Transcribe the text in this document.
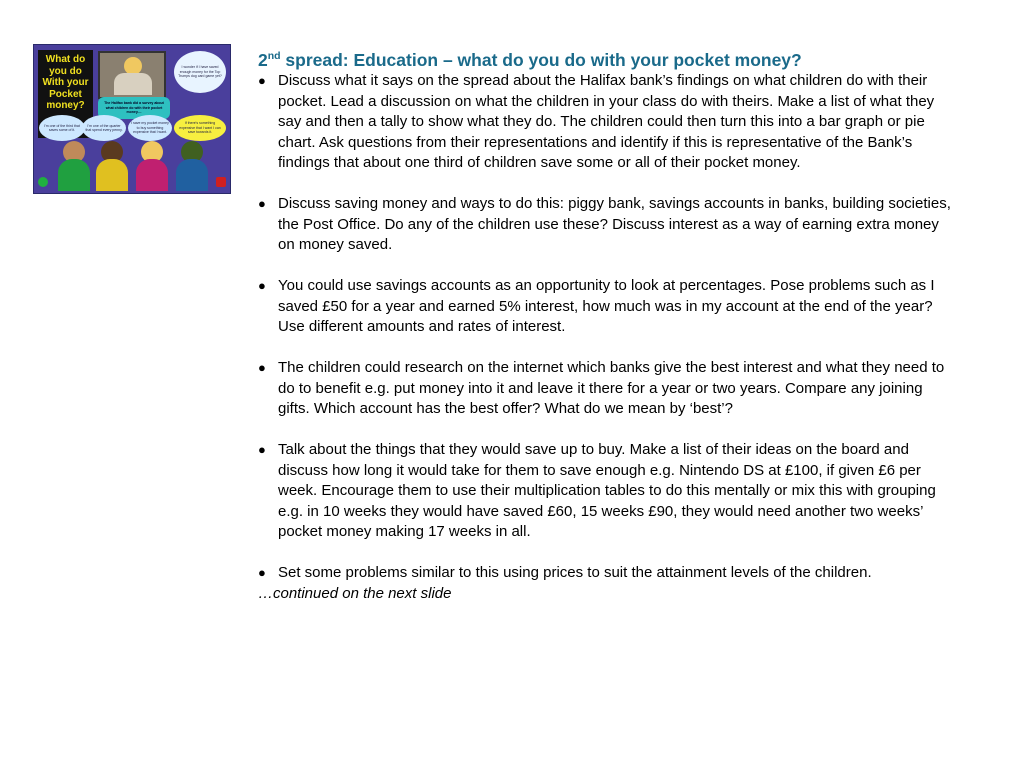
What do you do With your Pocket money?
I wonder if I have saved enough money for the Top Trumps dog card game yet?
The Halifax bank did a survey about what children do with their pocket money....
I'm one of the third that saves some of it.
I'm one of the quarter that spend every penny.
I save my pocket money to buy something expensive that I want.
If there's something expensive that I want I can save towards it.
2nd spread: Education – what do you do with your pocket money?
● Discuss what it says on the spread about the Halifax bank’s findings on what children do with their pocket. Lead a discussion on what the children in your class do with theirs. Make a list of what they say and then a tally to show what they do. The children could then turn this into a bar graph or pie chart. Ask questions from their representations and identify if this is representative of the Bank’s findings that about one third of children save some or all of their pocket money.
● Discuss saving money and ways to do this: piggy bank, savings accounts in banks, building societies, the Post Office. Do any of the children use these? Discuss interest as a way of earning extra money on money saved.
● You could use savings accounts as an opportunity to look at percentages. Pose problems such as I saved £50 for a year and earned 5% interest, how much was in my account at the end of the year? Use different amounts and rates of interest.
● The children could research on the internet which banks give the best interest and what they need to do to benefit e.g. put money into it and leave it there for a year or two years. Compare any joining gifts. Which account has the best offer? What do we mean by ‘best’?
● Talk about the things that they would save up to buy. Make a list of their ideas on the board and discuss how long it would take for them to save enough e.g. Nintendo DS at £100, if given £6 per week. Encourage them to use their multiplication tables to do this mentally or mix this with grouping e.g. in 10 weeks they would have saved £60, 15 weeks £90, they would need another two weeks’ pocket money making 17 weeks in all.
● Set some problems similar to this using prices to suit the attainment levels of the children.

…continued on the next slide
